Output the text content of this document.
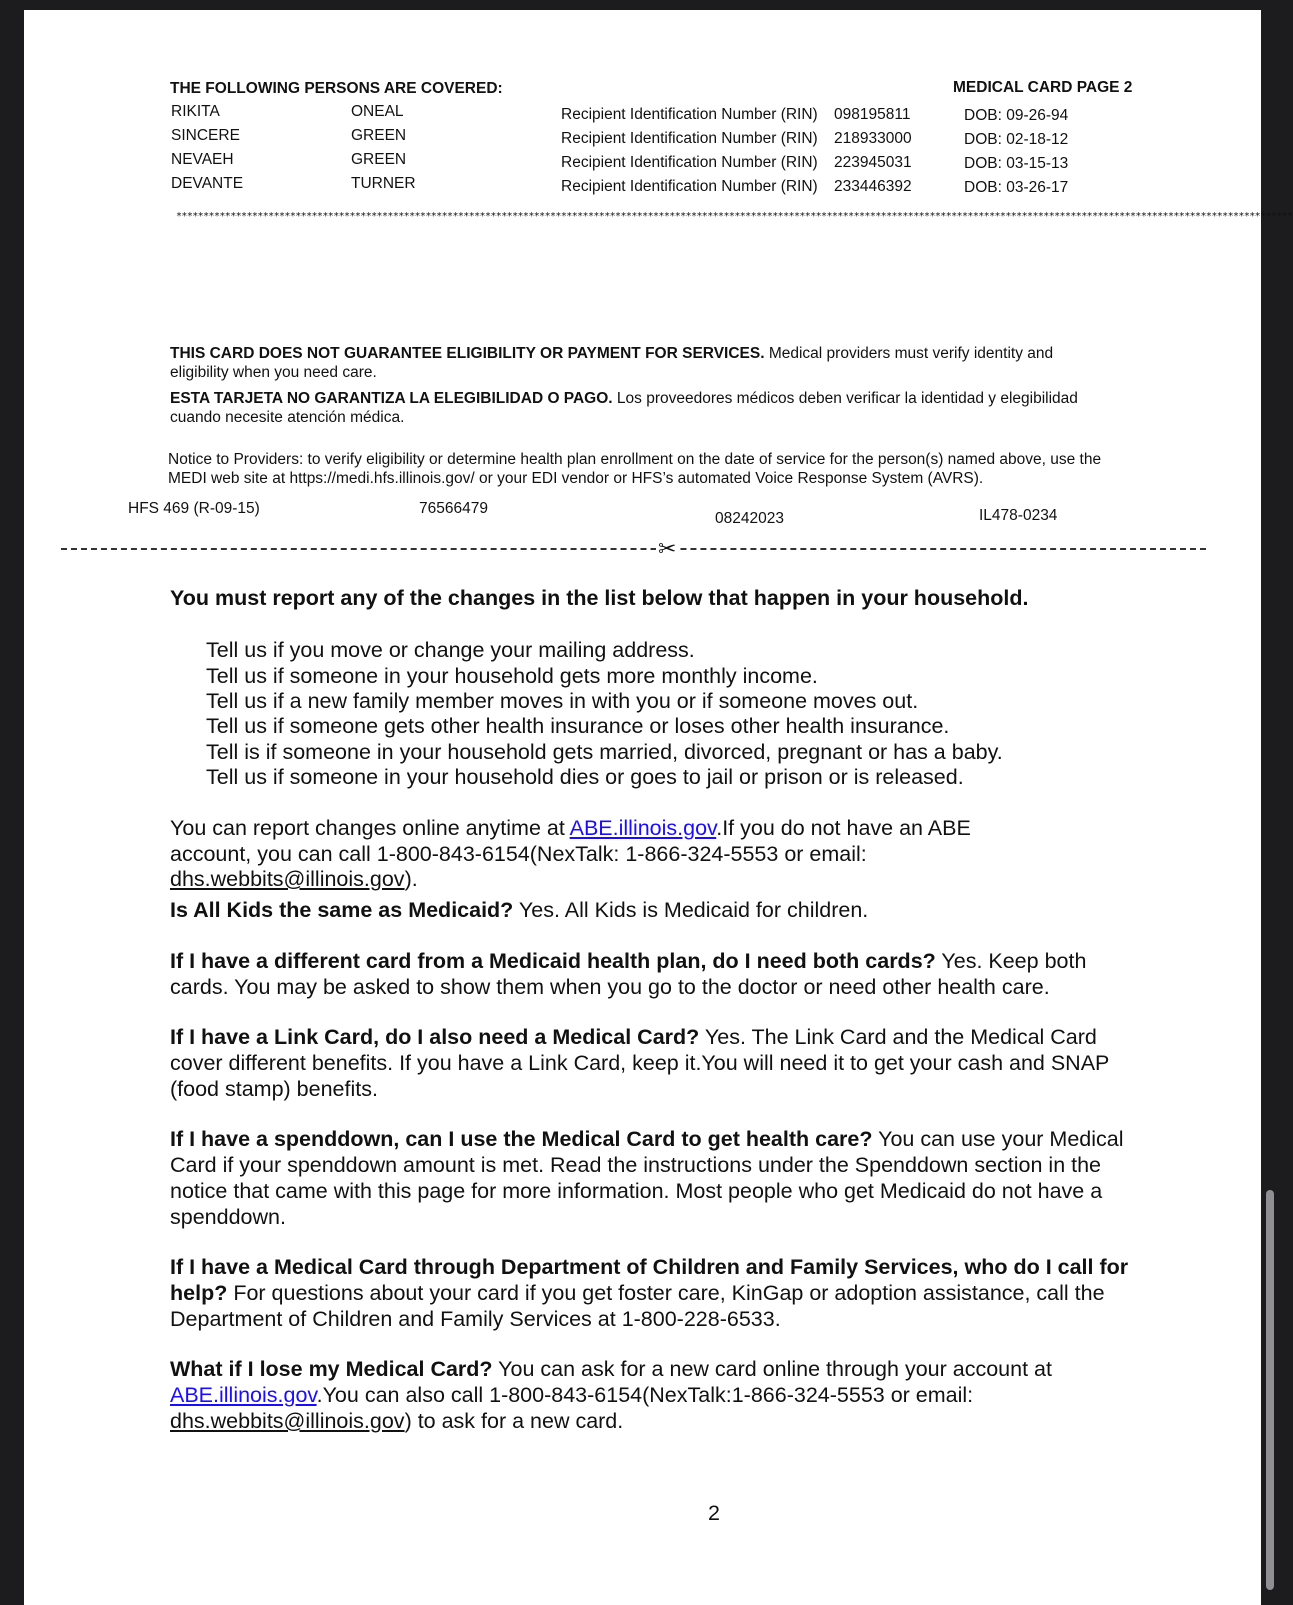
THE FOLLOWING PERSONS ARE COVERED:	MEDICAL CARD PAGE 2
RIKITA	ONEAL	Recipient Identification Number (RIN) 098195811	DOB: 09-26-94
SINCERE	GREEN	Recipient Identification Number (RIN) 218933000	DOB: 02-18-12
NEVAEH	GREEN	Recipient Identification Number (RIN) 223945031	DOB: 03-15-13
DEVANTE	TURNER	Recipient Identification Number (RIN) 233446392	DOB: 03-26-17
**************************************************************************************************************************************************************************************************************
THIS CARD DOES NOT GUARANTEE ELIGIBILITY OR PAYMENT FOR SERVICES. Medical providers must verify identity and
eligibility when you need care.
ESTA TARJETA NO GARANTIZA LA ELEGIBILIDAD O PAGO. Los proveedores médicos deben verificar la identidad y elegibilidad
cuando necesite atención médica.
Notice to Providers: to verify eligibility or determine health plan enrollment on the date of service for the person(s) named above, use the
MEDI web site at https://medi.hfs.illinois.gov/ or your EDI vendor or HFS’s automated Voice Response System (AVRS).
HFS 469 (R-09-15)	76566479
08242023	IL478-0234
✂
You must report any of the changes in the list below that happen in your household.
Tell us if you move or change your mailing address.
Tell us if someone in your household gets more monthly income.
Tell us if a new family member moves in with you or if someone moves out.
Tell us if someone gets other health insurance or loses other health insurance.
Tell is if someone in your household gets married, divorced, pregnant or has a baby.
Tell us if someone in your household dies or goes to jail or prison or is released.
You can report changes online anytime at ABE.illinois.gov.If you do not have an ABE
account, you can call 1-800-843-6154(NexTalk: 1-866-324-5553 or email:
dhs.webbits@illinois.gov).
Is All Kids the same as Medicaid? Yes. All Kids is Medicaid for children.
If I have a different card from a Medicaid health plan, do I need both cards? Yes. Keep both cards. You may be asked to show them when you go to the doctor or need other health care.
If I have a Link Card, do I also need a Medical Card? Yes. The Link Card and the Medical Card cover different benefits. If you have a Link Card, keep it.You will need it to get your cash and SNAP (food stamp) benefits.
If I have a spenddown, can I use the Medical Card to get health care? You can use your Medical Card if your spenddown amount is met. Read the instructions under the Spenddown section in the notice that came with this page for more information. Most people who get Medicaid do not have a spenddown.
If I have a Medical Card through Department of Children and Family Services, who do I call for help? For questions about your card if you get foster care, KinGap or adoption assistance, call the Department of Children and Family Services at 1-800-228-6533.
What if I lose my Medical Card? You can ask for a new card online through your account at
ABE.illinois.gov.You can also call 1-800-843-6154(NexTalk:1-866-324-5553 or email:
dhs.webbits@illinois.gov) to ask for a new card.
2
